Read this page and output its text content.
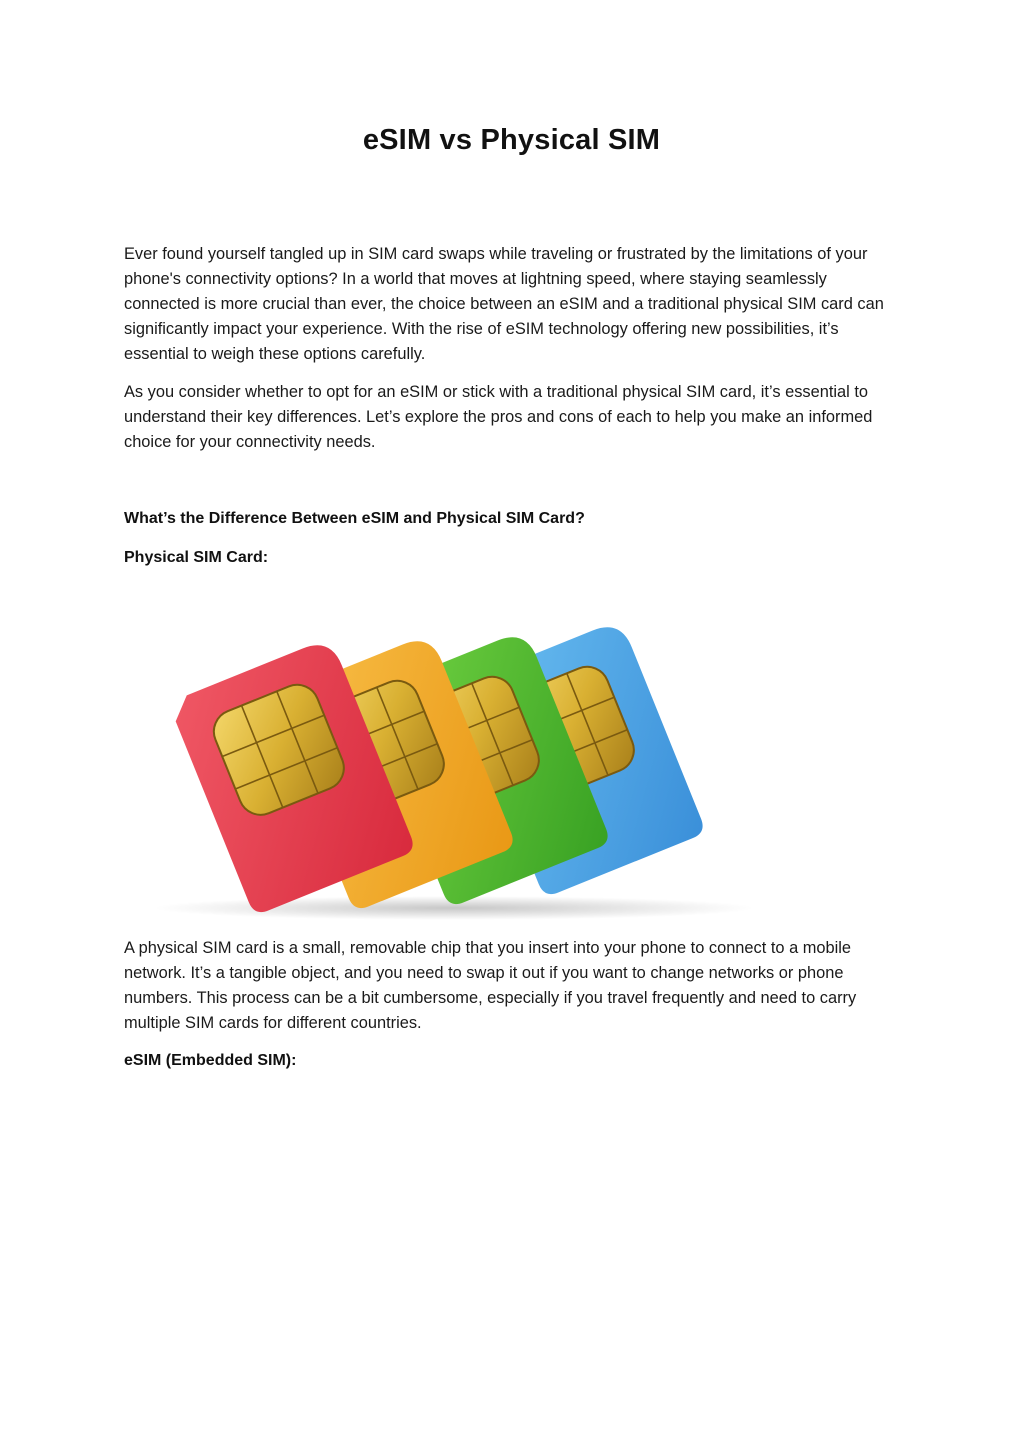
eSIM vs Physical SIM

Ever found yourself tangled up in SIM card swaps while traveling or frustrated by the limitations of your phone's connectivity options? In a world that moves at lightning speed, where staying seamlessly connected is more crucial than ever, the choice between an eSIM and a traditional physical SIM card can significantly impact your experience. With the rise of eSIM technology offering new possibilities, it’s essential to weigh these options carefully.

As you consider whether to opt for an eSIM or stick with a traditional physical SIM card, it’s essential to understand their key differences. Let’s explore the pros and cons of each to help you make an informed choice for your connectivity needs.

What’s the Difference Between eSIM and Physical SIM Card?
Physical SIM Card:

A physical SIM card is a small, removable chip that you insert into your phone to connect to a mobile network. It’s a tangible object, and you need to swap it out if you want to change networks or phone numbers. This process can be a bit cumbersome, especially if you travel frequently and need to carry multiple SIM cards for different countries.

eSIM (Embedded SIM):
